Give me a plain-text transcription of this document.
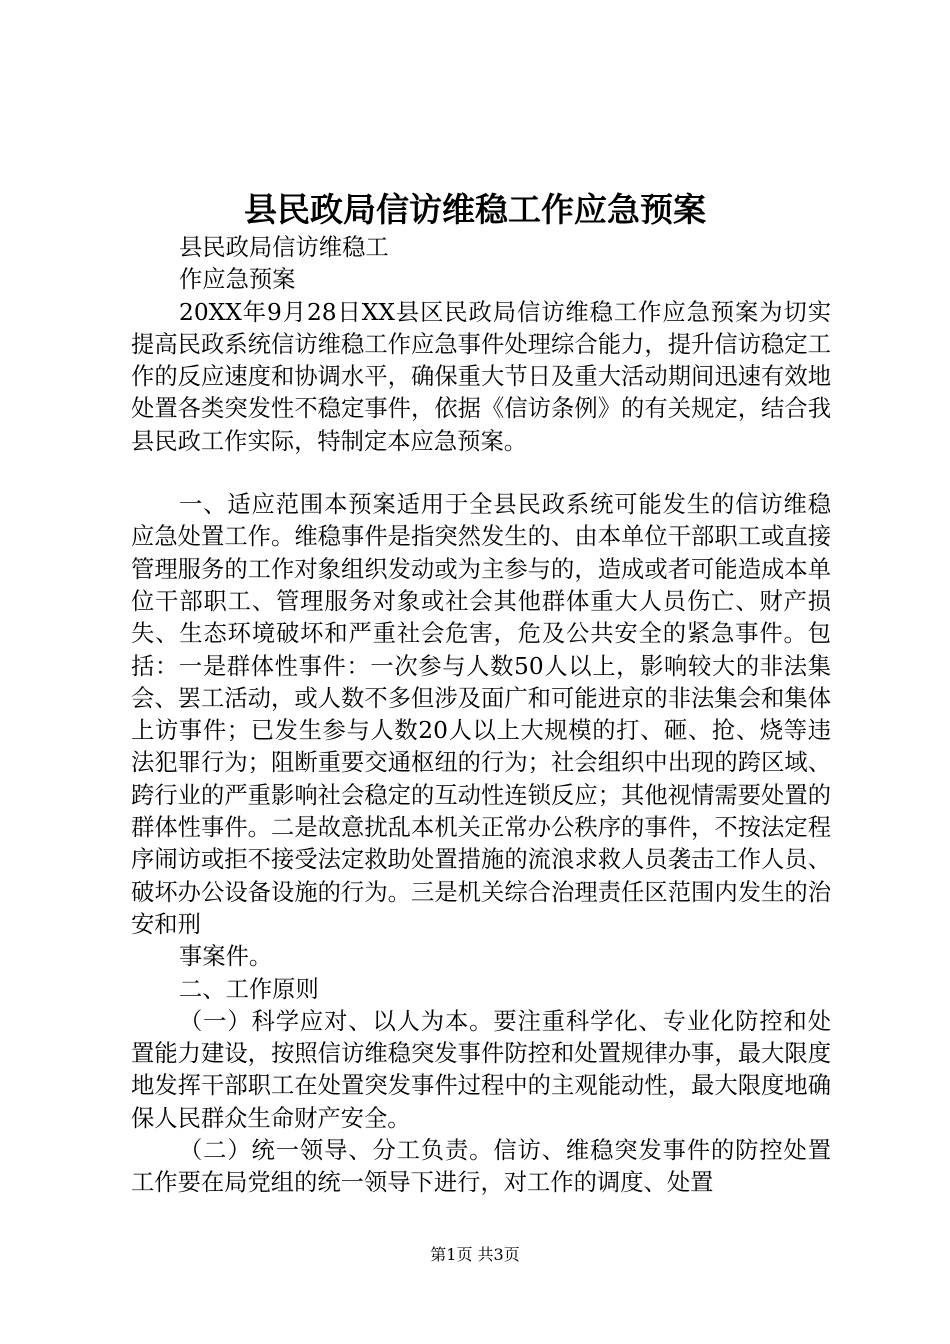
县民政局信访维稳工作应急预案

县民政局信访维稳工

作应急预案

20XX年9月28日XX县区民政局信访维稳工作应急预案为切实提高民政系统信访维稳工作应急事件处理综合能力，提升信访稳定工作的反应速度和协调水平，确保重大节日及重大活动期间迅速有效地处置各类突发性不稳定事件，依据《信访条例》的有关规定，结合我县民政工作实际，特制定本应急预案。

一、适应范围本预案适用于全县民政系统可能发生的信访维稳应急处置工作。维稳事件是指突然发生的、由本单位干部职工或直接管理服务的工作对象组织发动或为主参与的，造成或者可能造成本单位干部职工、管理服务对象或社会其他群体重大人员伤亡、财产损失、生态环境破坏和严重社会危害，危及公共安全的紧急事件。包括：一是群体性事件：一次参与人数50人以上，影响较大的非法集会、罢工活动，或人数不多但涉及面广和可能进京的非法集会和集体上访事件；已发生参与人数20人以上大规模的打、砸、抢、烧等违法犯罪行为；阻断重要交通枢纽的行为；社会组织中出现的跨区域、跨行业的严重影响社会稳定的互动性连锁反应；其他视情需要处置的群体性事件。二是故意扰乱本机关正常办公秩序的事件，不按法定程序闹访或拒不接受法定救助处置措施的流浪求救人员袭击工作人员、破坏办公设备设施的行为。三是机关综合治理责任区范围内发生的治安和刑

事案件。

二、工作原则

（一）科学应对、以人为本。要注重科学化、专业化防控和处置能力建设，按照信访维稳突发事件防控和处置规律办事，最大限度地发挥干部职工在处置突发事件过程中的主观能动性，最大限度地确保人民群众生命财产安全。

（二）统一领导、分工负责。信访、维稳突发事件的防控处置工作要在局党组的统一领导下进行，对工作的调度、处置

第1页 共3页
